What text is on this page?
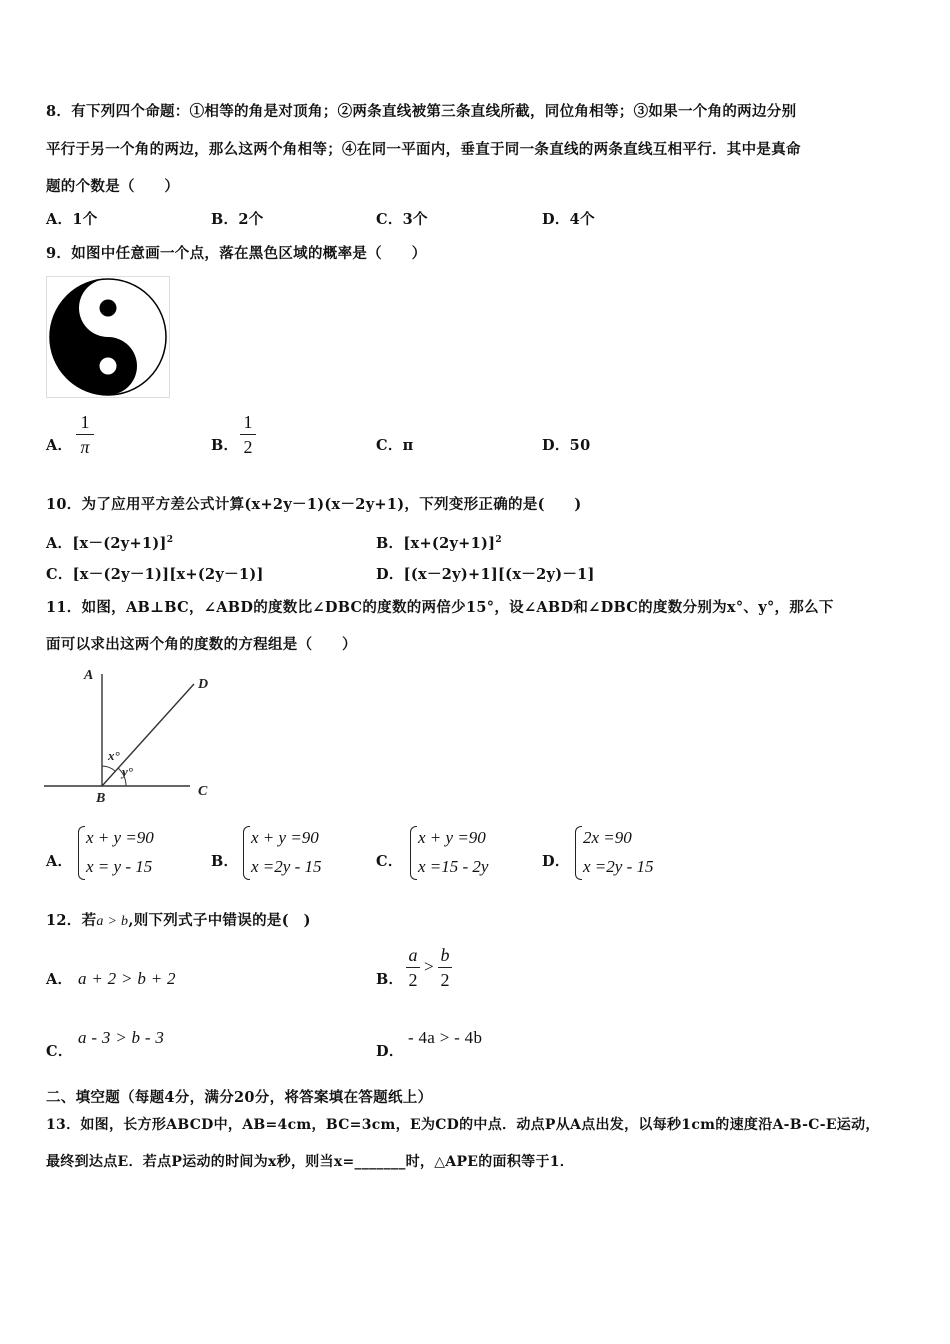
8．有下列四个命题：①相等的角是对顶角；②两条直线被第三条直线所截，同位角相等；③如果一个角的两边分别
平行于另一个角的两边，那么这两个角相等；④在同一平面内，垂直于同一条直线的两条直线互相平行．其中是真命
题的个数是（　　）
A．1个	B．2个	C．3个	D．4个
9．如图中任意画一个点，落在黑色区域的概率是（　　）
A．
1
π	B．
1
2	C．π	D．50
10．为了应用平方差公式计算(x+2y－1)(x－2y+1)，下列变形正确的是(　　)
A．$[x-(2y+1)]^2$	B．$[x+(2y+1)]^2$
C．[x－(2y－1)][x+(2y－1)]	D．[(x－2y)+1][(x－2y)－1]
11．如图，AB⊥BC，∠ABD的度数比∠DBC的度数的两倍少15°，设∠ABD和∠DBC的度数分别为x°、y°，那么下
面可以求出这两个角的度数的方程组是（　　）
A
B	C
D
x°
y°
A．
x + y =90
x = y - 15	B．
x + y =90
x =2y - 15	C．
x + y =90
x =15 - 2y	D．
2x =90
x =2y - 15
12．若a > b,则下列式子中错误的是(　)
A． a + 2 > b + 2	B．
a
2
>
b
2
a - 3 > b - 3
C．
- 4a > - 4b
D．
二、填空题（每题4分，满分20分，将答案填在答题纸上）
13．如图，长方形ABCD中，AB=4cm，BC=3cm，E为CD的中点．动点P从A点出发，以每秒1cm的速度沿A-B-C-E运动，
最终到达点E．若点P运动的时间为x秒，则当x=_______时，△APE的面积等于1．
